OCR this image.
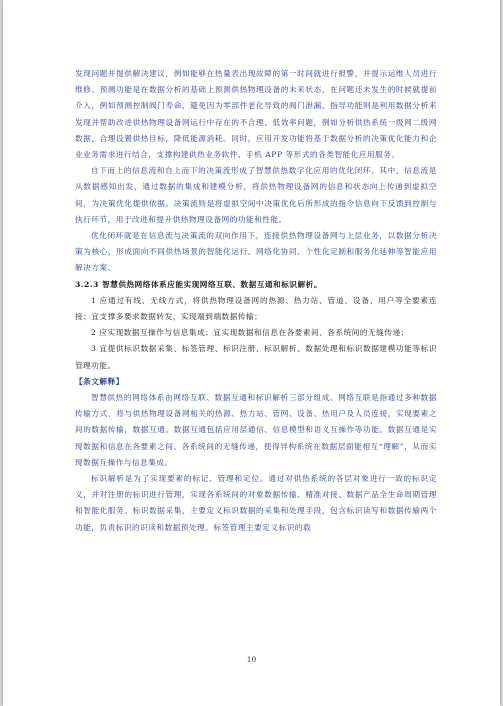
发现问题并提供解决建议，例如能够在热量表出现故障的第一时间就进行报警，并提示运维人员进行维修。预测功能是在数据分析的基础上预测供热物理设备的未来状态，在问题还未发生的时候就提前介入，例如预测控制阀门寿命，避免因为零部件老化导致的阀门泄漏。指导功能则是利用数据分析来发现并帮助改进供热物理设备网运行中存在的不合理、低效率问题，例如分析供热系统一级网二级网数据，合理设置供热目标，降低能源消耗。同时，应用开发功能将基于数据分析的决策优化能力和企业业务需求进行结合，支撑构建供热业务软件、手机 APP 等形式的各类智能化应用服务。

自下而上的信息流和自上而下的决策流形成了智慧供热数字化应用的优化闭环。其中，信息流是从数据感知出发，通过数据的集成和建模分析，将供热物理设备网的信息和状态向上传递到虚拟空间，为决策优化提供依据。决策流则是将虚拟空间中决策优化后所形成的指令信息向下反馈到控制与执行环节，用于改进和提升供热物理设备网的功能和性能。

优化闭环就是在信息流与决策流的双向作用下，连接供热物理设备网与上层业务，以数据分析决策为核心，形成面向不同供热场景的智能化运行、网络化协同、个性化定制和服务化延伸等智能应用解决方案。

3.2.3 智慧供热网络体系应能实现网络互联、数据互通和标识解析。

1 应通过有线、无线方式，将供热物理设备网的热源、热力站、管道、设备、用户等全要素连接；宜支撑多要求数据转发，实现端到端数据传输；

2 应实现数据互操作与信息集成；宜实现数据和信息在各要素间、各系统间的无缝传递；

3 宜提供标识数据采集、标签管理、标识注册、标识解析、数据处理和标识数据建模功能等标识管理功能。

【条文解释】

智慧供热的网络体系由网络互联、数据互通和标识解析三部分组成。网络互联是指通过多种数据传输方式，将与供热物理设备网相关的热源、热力站、管网、设备、热用户及人员连接，实现要素之间的数据传输，数据互通。数据互通包括应用层通信、信息模型和语义互操作等功能。数据互通是实现数据和信息在各要素之间、各系统间的无缝传递，使得异构系统在数据层面能相互“理解”，从而实现数据互操作与信息集成。

标识解析是为了实现要素的标记、管理和定位。通过对供热系统的各层对象进行一致的标识定义，并对注册的标识进行管理，实现各系统间的对象数据传输、精准对接、数据产品全生命周期管理和智能化服务。标识数据采集，主要定义标识数据的采集和处理手段，包含标识读写和数据传输两个功能，负责标识的识读和数据预处理。标签管理主要定义标识的载

10
